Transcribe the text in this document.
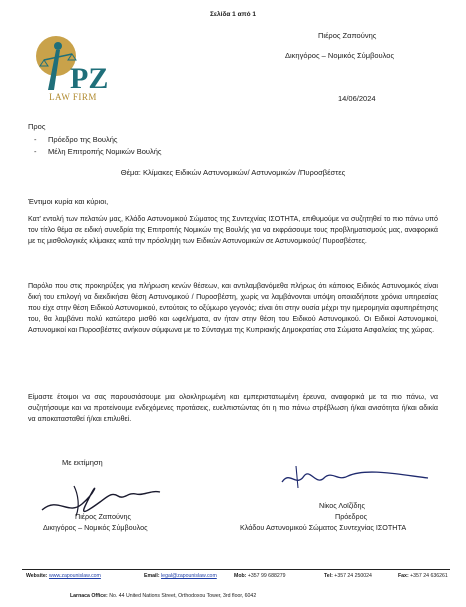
Σελίδα 1 από 1
PZ
LAW FIRM
Πιέρος Ζαπούνης
Δικηγόρος – Νομικός Σύμβουλος
14/06/2024
Προς
- Πρόεδρο της Βουλής
- Μέλη Επιτροπής Νομικών Βουλής
Θέμα: Κλίμακες Ειδικών Αστυνομικών/ Αστυνομικών /Πυροσβέστες
Έντιμοι κυρία και κύριοι,

Κατ' εντολή των πελατών μας, Κλάδο Αστυνομικού Σώματος της Συντεχνίας ΙΣΟΤΗΤΑ, επιθυμούμε να συζητηθεί το πιο πάνω υπό τον τίτλο θέμα σε ειδική συνεδρία της Επιτροπής Νομικών της Βουλής για να εκφράσουμε τους προβληματισμούς μας, αναφορικά με τις μισθολογικές κλίμακες κατά την πρόσληψη των Ειδικών Αστυνομικών σε Αστυνομικούς/ Πυροσβέστες.

Παρόλο που στις προκηρύξεις για πλήρωση κενών θέσεων, και αντιλαμβανόμεθα πλήρως ότι κάποιος Ειδικός Αστυνομικός είναι δική του επιλογή να διεκδικήσει θέση Αστυνομικού / Πυροσβέστη, χωρίς να λαμβάνονται υπόψη οποιαδήποτε χρόνια υπηρεσίας που είχε στην θέση Ειδικού Αστυνομικού, εντούτοις το οξύμωρο γεγονός; είναι ότι στην ουσία μέχρι την ημερομηνία αφυπηρέτησης του, θα λαμβάνει πολύ κατώτερο μισθό και ωφελήματα, αν ήταν στην θέση του Ειδικού Αστυνομικού. Οι Ειδικοί Αστυνομικοί, Αστυνομικοί και Πυροσβέστες ανήκουν σύμφωνα με το Σύνταγμα της Κυπριακής Δημοκρατίας στα Σώματα Ασφαλείας της χώρας.

Είμαστε έτοιμοι να σας παρουσιάσουμε μια ολοκληρωμένη και εμπεριστατωμένη έρευνα, αναφορικά με τα πιο πάνω, να συζητήσουμε και να προτείνουμε ενδεχόμενες προτάσεις, ευελπιστώντας ότι η πιο πάνω στρέβλωση ή/και ανισότητα ή/και αδικία να αποκατασταθεί ή/και επιλυθεί.

Με εκτίμηση
Πιέρος Ζαπούνης
Δικηγόρος – Νομικός Σύμβουλος
Νίκος Λοϊζίδης
Πρόεδρος
Κλάδου Αστυνομικού Σώματος Συντεχνίας ΙΣΟΤΗΤΑ
Website: www.zapounislaw.com	Email: legal@zapounislaw.com	Mob: +357 99 688279	Tel: +357 24 250024	Fax: +357 24 636261
Larnaca Office: No. 44 United Nations Street, Orthodoxou Tower, 3rd floor, 6042
